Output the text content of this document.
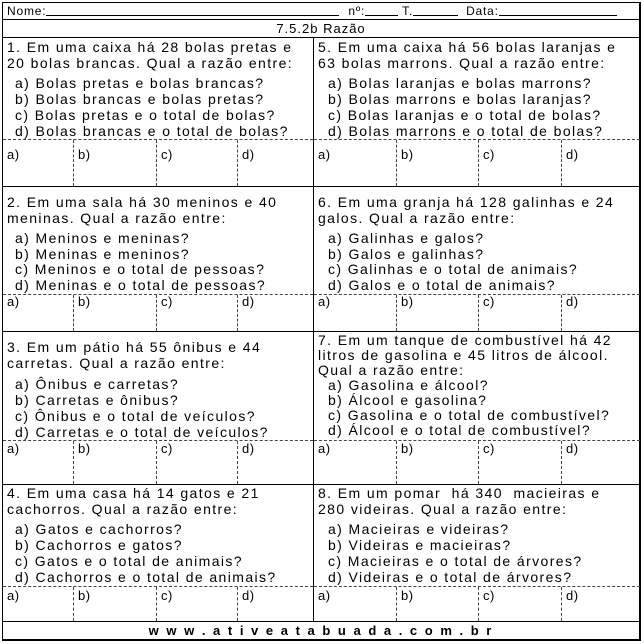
Nome:	nº:	T.	Data:
7.5.2b Razão
1. Em uma caixa há 28 bolas pretas e
20 bolas brancas. Qual a razão entre:
a) Bolas pretas e bolas brancas?
b) Bolas brancas e bolas pretas?
c) Bolas pretas e o total de bolas?
d) Bolas brancas e o total de bolas?
5. Em uma caixa há 56 bolas laranjas e
63 bolas marrons. Qual a razão entre:
a) Bolas laranjas e bolas marrons?
b) Bolas marrons e bolas laranjas?
c) Bolas laranjas e o total de bolas?
d) Bolas marrons e o total de bolas?
a)	b)	c)	d)	a)	b)	c)	d)
2. Em uma sala há 30 meninos e 40
meninas. Qual a razão entre:
a) Meninos e meninas?
b) Meninas e meninos?
c) Meninos e o total de pessoas?
d) Meninas e o total de pessoas?
6. Em uma granja há 128 galinhas e 24
galos. Qual a razão entre:
a) Galinhas e galos?
b) Galos e galinhas?
c) Galinhas e o total de animais?
d) Galos e o total de animais?
a)	b)	c)	d)	a)	b)	c)	d)
3. Em um pátio há 55 ônibus e 44
carretas. Qual a razão entre:
a) Ônibus e carretas?
b) Carretas e ônibus?
c) Ônibus e o total de veículos?
d) Carretas e o total de veículos?
7. Em um tanque de combustível há 42
litros de gasolina e 45 litros de álcool.
Qual a razão entre:
a) Gasolina e álcool?
b) Álcool e gasolina?
c) Gasolina e o total de combustível?
d) Álcool e o total de combustível?
a)	b)	c)	d)	a)	b)	c)	d)
4. Em uma casa há 14 gatos e 21
cachorros. Qual a razão entre:
a) Gatos e cachorros?
b) Cachorros e gatos?
c) Gatos e o total de animais?
d) Cachorros e o total de animais?
8. Em um pomar  há 340  macieiras e
280 videiras. Qual a razão entre:
a) Macieiras e videiras?
b) Videiras e macieiras?
c) Macieiras e o total de árvores?
d) Videiras e o total de árvores?
a)	b)	c)	d)	a)	b)	c)	d)
w w w . a t i v e a t a b u a d a . c o m . b r
